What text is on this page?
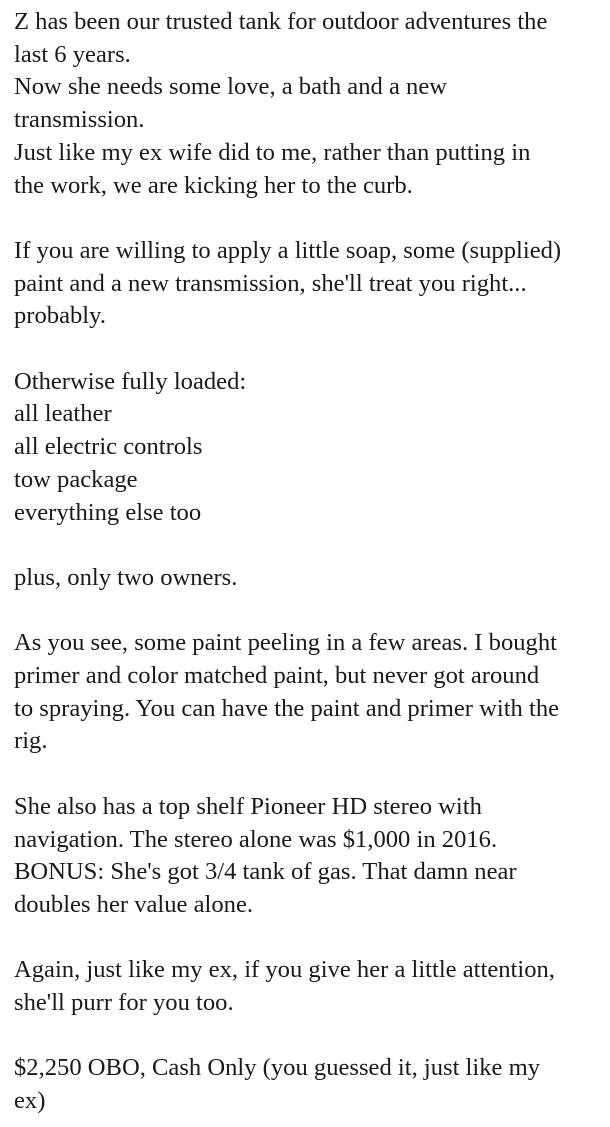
Z has been our trusted tank for outdoor adventures the
last 6 years.
Now she needs some love, a bath and a new
transmission.
Just like my ex wife did to me, rather than putting in
the work, we are kicking her to the curb.

If you are willing to apply a little soap, some (supplied)
paint and a new transmission, she'll treat you right...
probably.

Otherwise fully loaded:
all leather
all electric controls
tow package
everything else too

plus, only two owners.

As you see, some paint peeling in a few areas. I bought
primer and color matched paint, but never got around
to spraying. You can have the paint and primer with the
rig.

She also has a top shelf Pioneer HD stereo with
navigation. The stereo alone was $1,000 in 2016.
BONUS: She's got 3/4 tank of gas. That damn near
doubles her value alone.

Again, just like my ex, if you give her a little attention,
she'll purr for you too.

$2,250 OBO, Cash Only (you guessed it, just like my
ex)
